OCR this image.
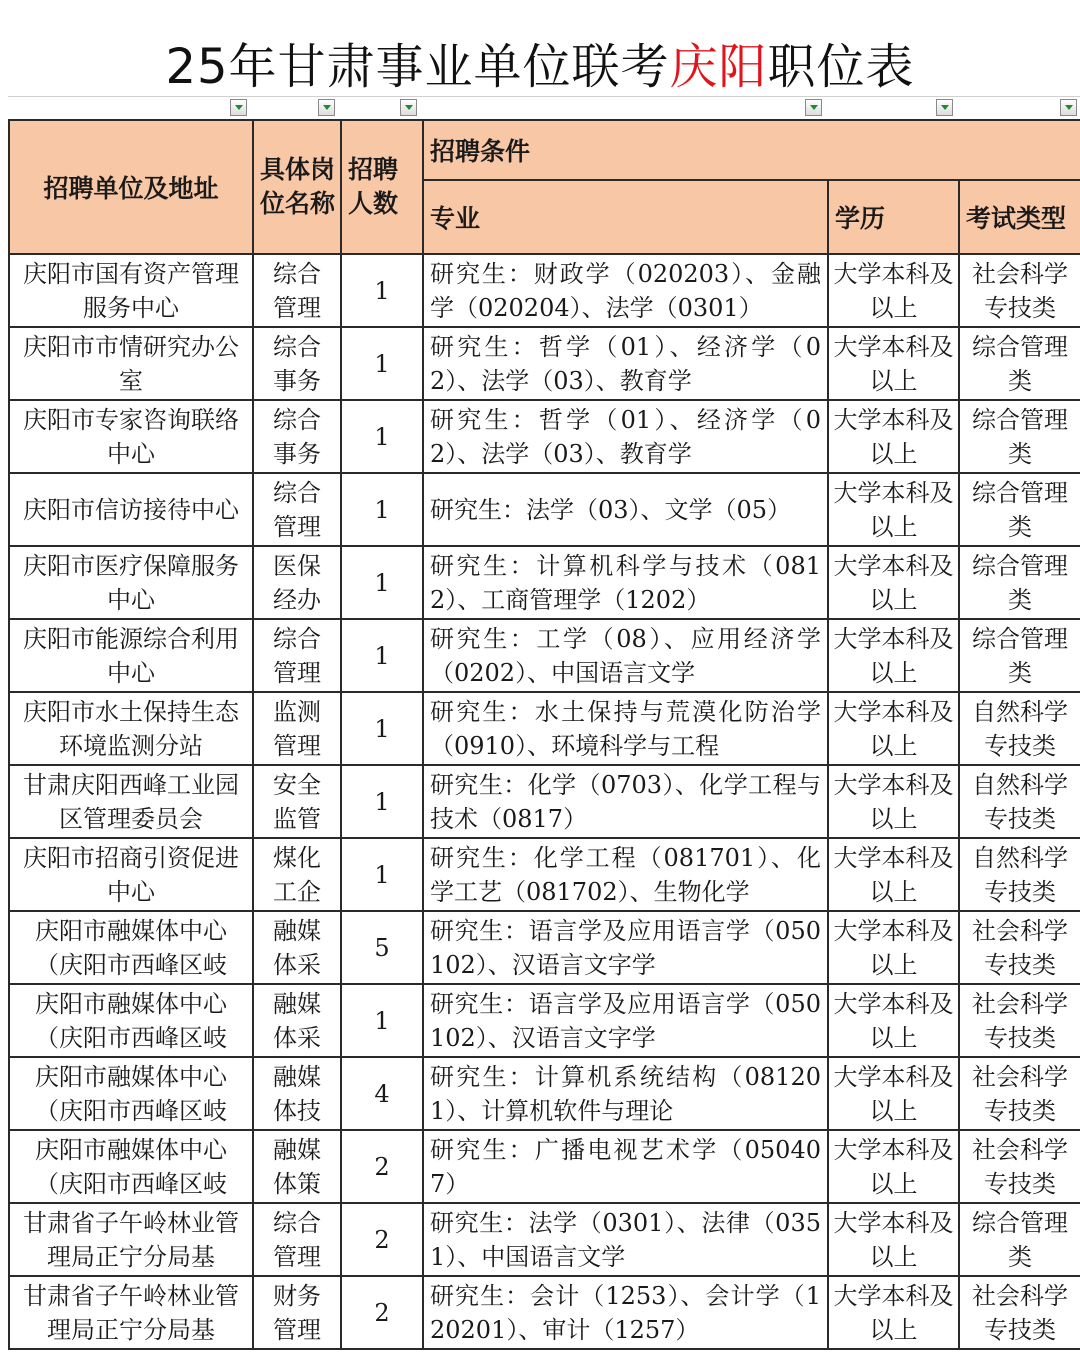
25年甘肃事业单位联考庆阳职位表
招聘单位及地址	具体岗位名称	招聘人数	招聘条件		
			专业	学历	考试类型

庆阳市国有资产管理服务中心	综合管理	1	研究生：财政学（020203）、金融学（020204）、法学（0301）	大学本科及以上	社会科学专技类

庆阳市市情研究办公室	综合事务	1	研究生：哲学（01）、经济学（02）、法学（03）、教育学	大学本科及以上	综合管理类

庆阳市专家咨询联络中心	综合事务	1	研究生：哲学（01）、经济学（02）、法学（03）、教育学	大学本科及以上	综合管理类

庆阳市信访接待中心	综合管理	1	研究生：法学（03）、文学（05）	大学本科及以上	综合管理类

庆阳市医疗保障服务中心	医保经办	1	研究生：计算机科学与技术（0812）、工商管理学（1202）	大学本科及以上	综合管理类

庆阳市能源综合利用中心	综合管理	1	研究生：工学（08）、应用经济学（0202）、中国语言文学	大学本科及以上	综合管理类

庆阳市水土保持生态环境监测分站	监测管理	1	研究生：水土保持与荒漠化防治学（0910）、环境科学与工程	大学本科及以上	自然科学专技类

甘肃庆阳西峰工业园区管理委员会	安全监管	1	研究生：化学（0703）、化学工程与技术（0817）	大学本科及以上	自然科学专技类

庆阳市招商引资促进中心	煤化工企	1	研究生：化学工程（081701）、化学工艺（081702）、生物化学	大学本科及以上	自然科学专技类

庆阳市融媒体中心（庆阳市西峰区岐	融媒体采	5	研究生：语言学及应用语言学（050102）、汉语言文字学	大学本科及以上	社会科学专技类

庆阳市融媒体中心（庆阳市西峰区岐	融媒体采	1	研究生：语言学及应用语言学（050102）、汉语言文字学	大学本科及以上	社会科学专技类

庆阳市融媒体中心（庆阳市西峰区岐	融媒体技	4	研究生：计算机系统结构（081201）、计算机软件与理论	大学本科及以上	社会科学专技类

庆阳市融媒体中心（庆阳市西峰区岐	融媒体策	2	研究生：广播电视艺术学（050407）	大学本科及以上	社会科学专技类

甘肃省子午岭林业管理局正宁分局基	综合管理	2	研究生：法学（0301）、法律（0351）、中国语言文学	大学本科及以上	综合管理类

甘肃省子午岭林业管理局正宁分局基	财务管理	2	研究生：会计（1253）、会计学（120201）、审计（1257）	大学本科及以上	社会科学专技类
